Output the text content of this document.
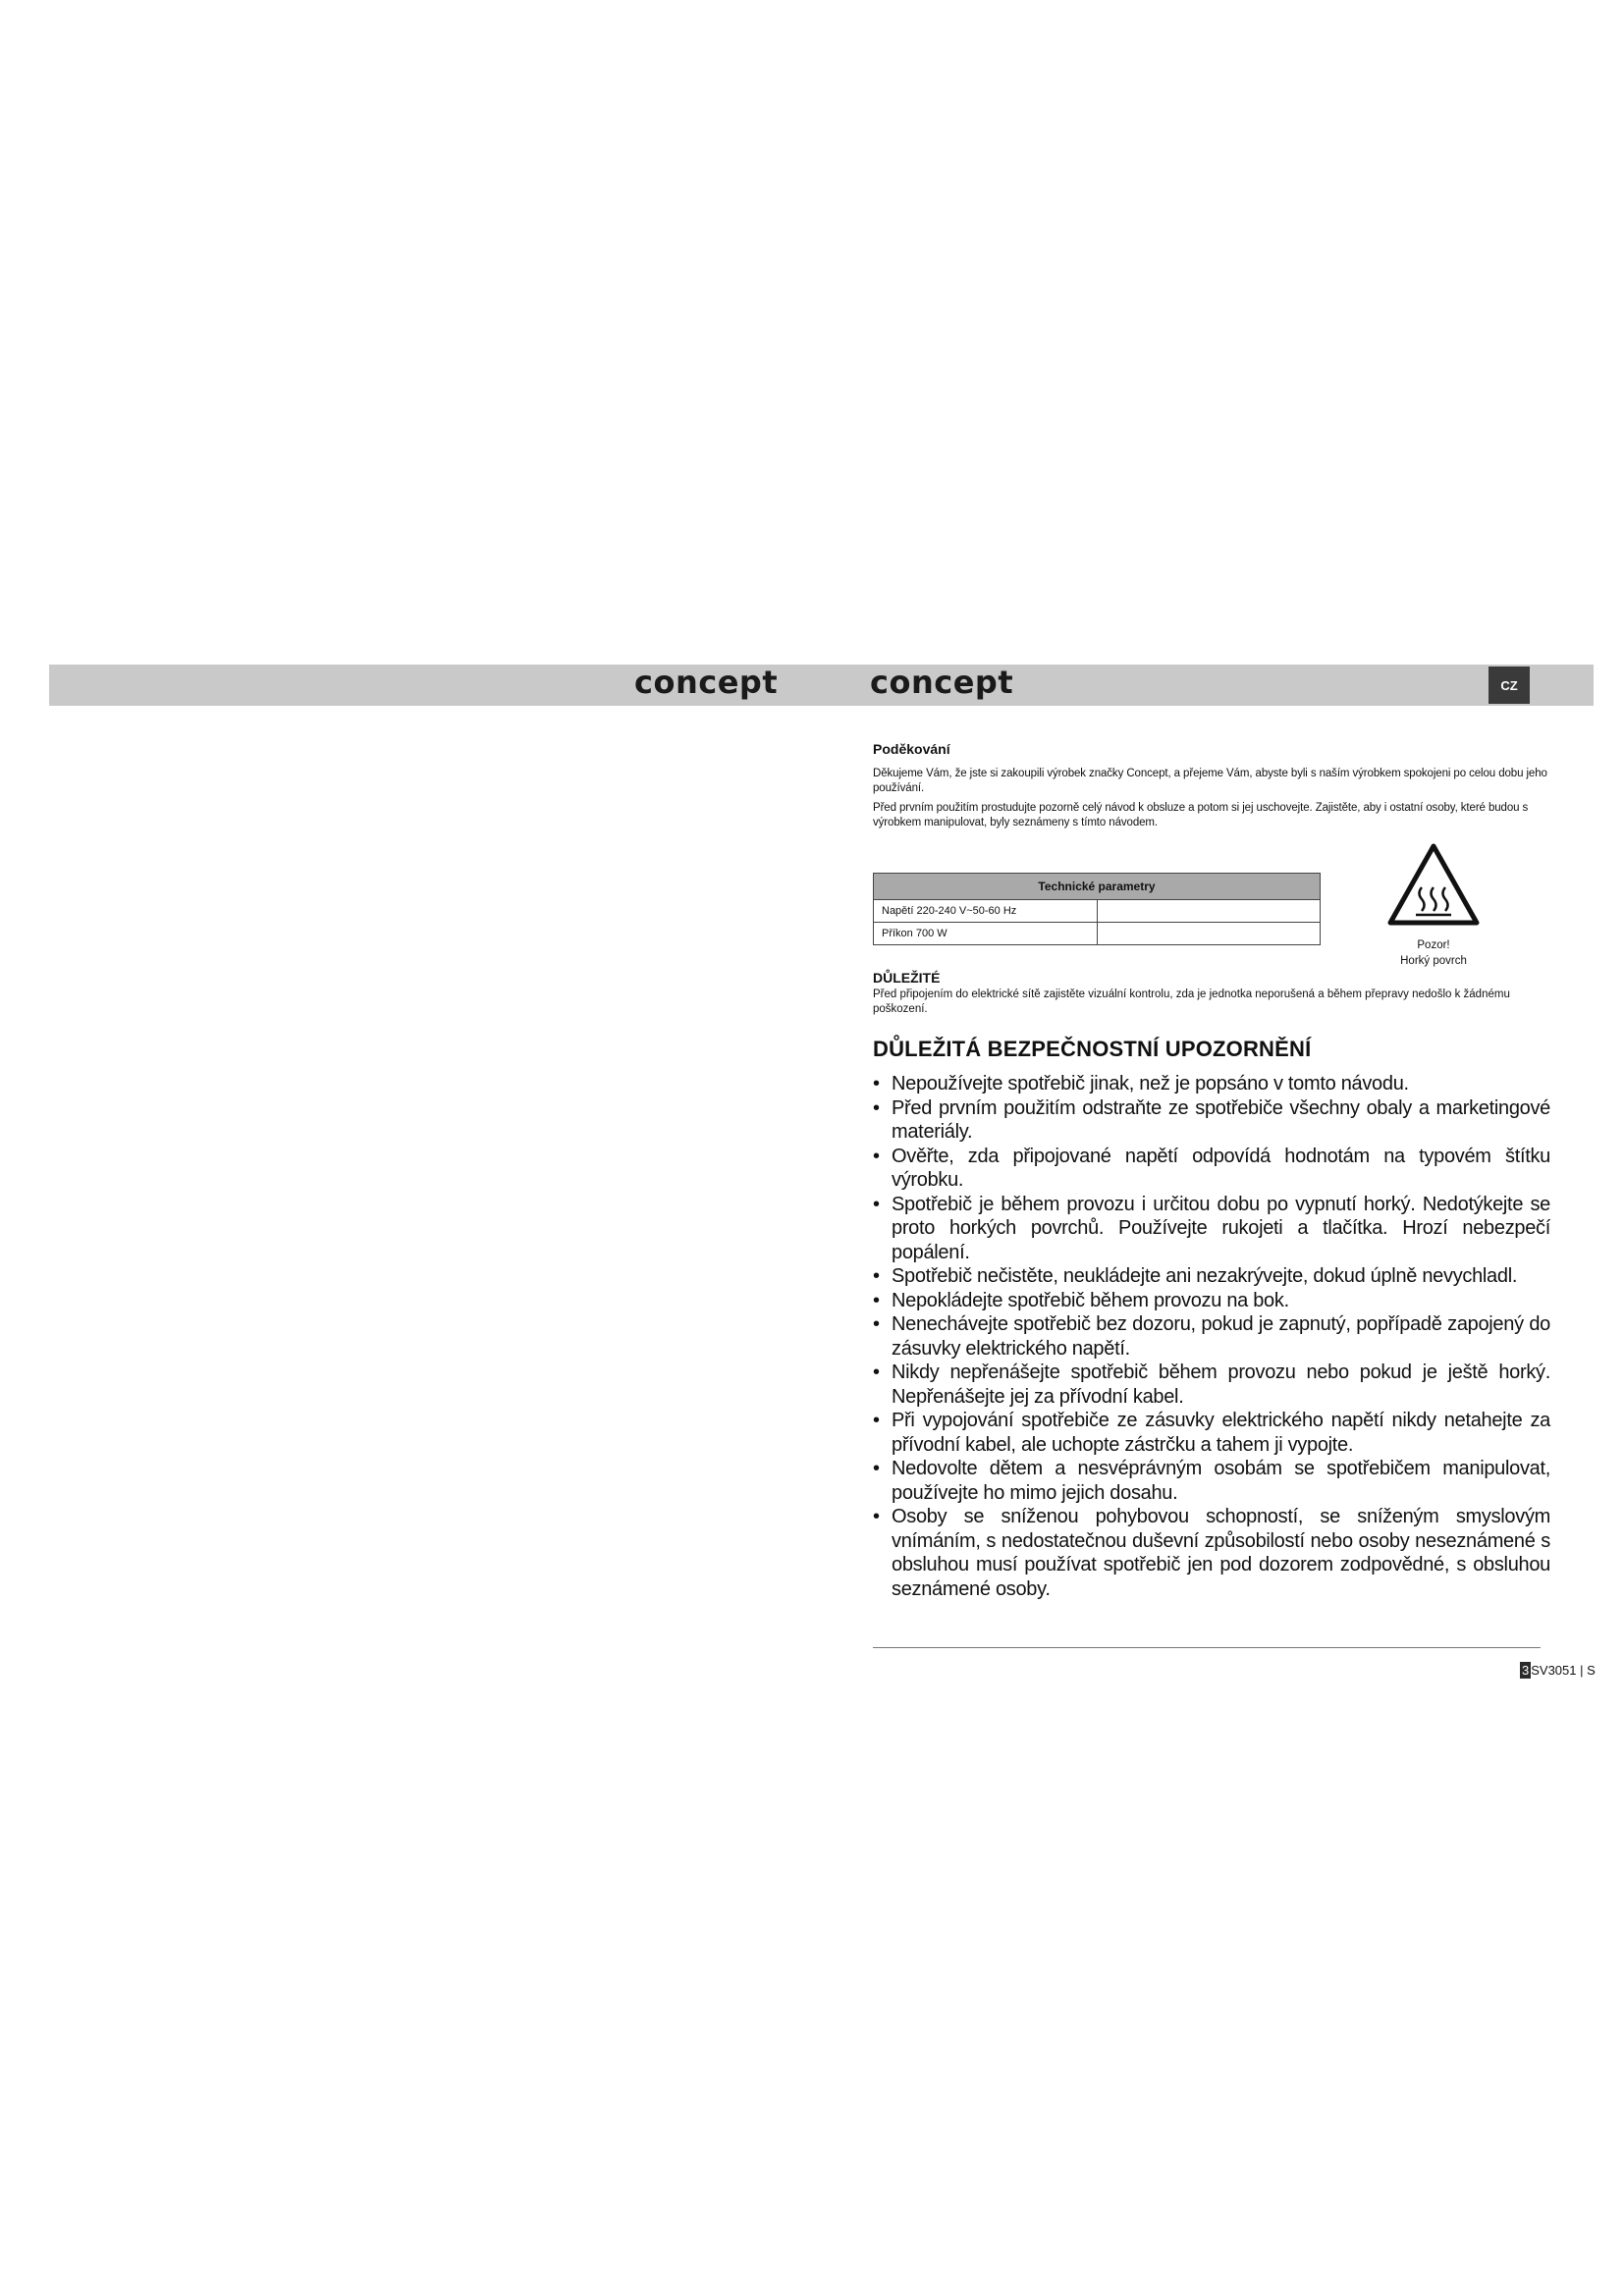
concept	concept	CZ
Poděkování

Děkujeme Vám, že jste si zakoupili výrobek značky Concept, a přejeme Vám, abyste byli s naším výrobkem spokojeni po celou dobu jeho používání.

Před prvním použitím prostudujte pozorně celý návod k obsluze a potom si jej uschovejte. Zajistěte, aby i ostatní osoby, které budou s výrobkem manipulovat, byly seznámeny s tímto návodem.

Technické parametry	
Napětí 220-240 V~50-60 Hz	
Příkon 700 W	
Pozor!
Horký povrch
DŮLEŽITÉ

Před připojením do elektrické sítě zajistěte vizuální kontrolu, zda je jednotka neporušená a během přepravy nedošlo k žádnému poškození.

DŮLEŽITÁ BEZPEČNOSTNÍ UPOZORNĚNÍ
• Nepoužívejte spotřebič jinak, než je popsáno v tomto návodu.
• Před prvním použitím odstraňte ze spotřebiče všechny obaly a marketingové materiály.
• Ověřte, zda připojované napětí odpovídá hodnotám na typovém štítku výrobku.
• Spotřebič je během provozu i určitou dobu po vypnutí horký. Nedotýkejte se proto horkých povrchů. Používejte rukojeti a tlačítka. Hrozí nebezpečí popálení.
• Spotřebič nečistěte, neukládejte ani nezakrývejte, dokud úplně nevychladl.
• Nepokládejte spotřebič během provozu na bok.
• Nenechávejte spotřebič bez dozoru, pokud je zapnutý, popřípadě zapojený do zásuvky elektrického napětí.
• Nikdy nepřenášejte spotřebič během provozu nebo pokud je ještě horký. Nepřenášejte jej za přívodní kabel.
• Při vypojování spotřebiče ze zásuvky elektrického napětí nikdy netahejte za přívodní kabel, ale uchopte zástrčku a tahem ji vypojte.
• Nedovolte dětem a nesvéprávným osobám se spotřebičem manipulovat, používejte ho mimo jejich dosahu.
• Osoby se sníženou pohybovou schopností, se sníženým smyslovým vnímáním, s nedostatečnou duševní způsobilostí nebo osoby neseznámené s obsluhou musí používat spotřebič jen pod dozorem zodpovědné, s obsluhou seznámené osoby.
3 SV3051 | S
